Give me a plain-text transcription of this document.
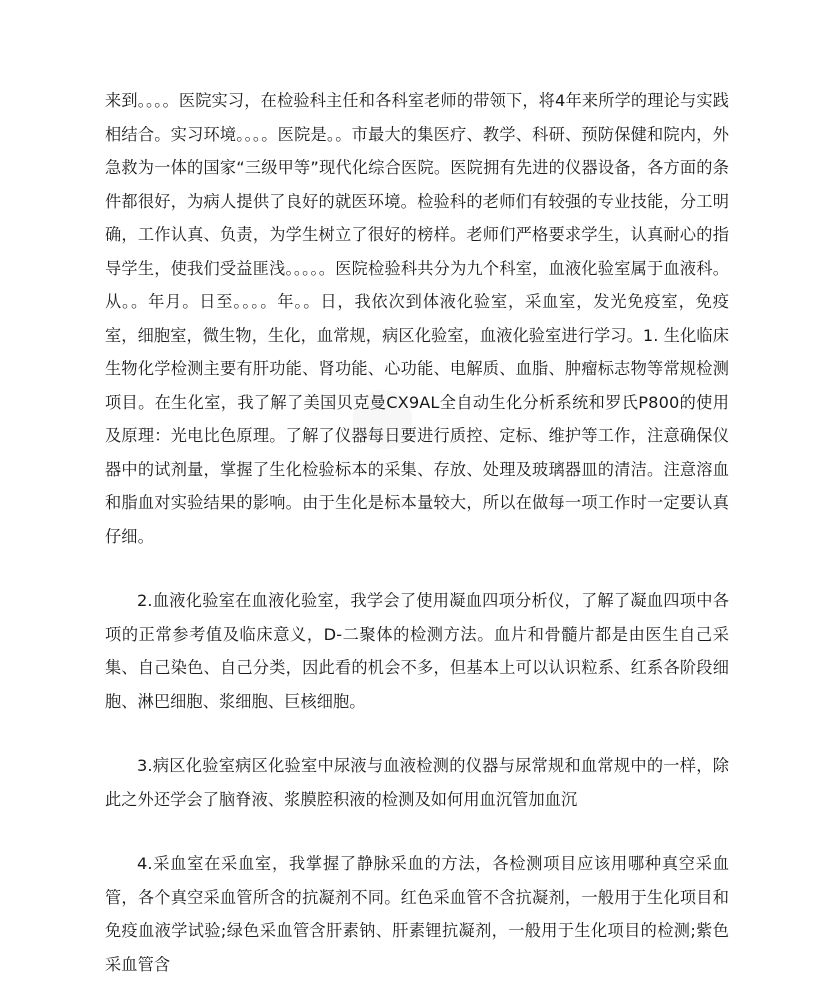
●

来到。。。。医院实习，在检验科主任和各科室老师的带领下，将4年来所学的理论与实践相结合。实习环境。。。。医院是。。市最大的集医疗、教学、科研、预防保健和院内，外急救为一体的国家“三级甲等”现代化综合医院。医院拥有先进的仪器设备，各方面的条件都很好，为病人提供了良好的就医环境。检验科的老师们有较强的专业技能，分工明确，工作认真、负责，为学生树立了很好的榜样。老师们严格要求学生，认真耐心的指导学生，使我们受益匪浅。。。。。医院检验科共分为九个科室，血液化验室属于血液科。从。。年月。日至。。。。年。。日，我依次到体液化验室，采血室，发光免疫室，免疫室，细胞室，微生物，生化，血常规，病区化验室，血液化验室进行学习。1. 生化临床生物化学检测主要有肝功能、肾功能、心功能、电解质、血脂、肿瘤标志物等常规检测项目。在生化室，我了解了美国贝克曼CX9AL全自动生化分析系统和罗氏P800的使用及原理：光电比色原理。了解了仪器每日要进行质控、定标、维护等工作，注意确保仪器中的试剂量，掌握了生化检验标本的采集、存放、处理及玻璃器皿的清洁。注意溶血和脂血对实验结果的影响。由于生化是标本量较大，所以在做每一项工作时一定要认真仔细。

2.血液化验室在血液化验室，我学会了使用凝血四项分析仪，了解了凝血四项中各项的正常参考值及临床意义，D-二聚体的检测方法。血片和骨髓片都是由医生自己采集、自己染色、自己分类，因此看的机会不多，但基本上可以认识粒系、红系各阶段细胞、淋巴细胞、浆细胞、巨核细胞。

3.病区化验室病区化验室中尿液与血液检测的仪器与尿常规和血常规中的一样，除此之外还学会了脑脊液、浆膜腔积液的检测及如何用血沉管加血沉

4.采血室在采血室，我掌握了静脉采血的方法，各检测项目应该用哪种真空采血管，各个真空采血管所含的抗凝剂不同。红色采血管不含抗凝剂，一般用于生化项目和免疫血液学试验;绿色采血管含肝素钠、肝素锂抗凝剂，一般用于生化项目的检测;紫色采血管含
